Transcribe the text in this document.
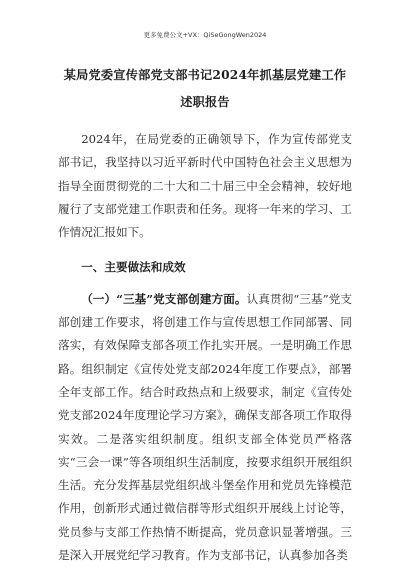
更多免费公文+VX：QiSeGongWen2024
某局党委宣传部党支部书记2024年抓基层党建工作述职报告

2024年，在局党委的正确领导下，作为宣传部党支部书记，我坚持以习近平新时代中国特色社会主义思想为指导全面贯彻党的二十大和二十届三中全会精神，较好地履行了支部党建工作职责和任务。现将一年来的学习、工作情况汇报如下。

一、主要做法和成效

（一）“三基”党支部创建方面。认真贯彻“三基”党支部创建工作要求，将创建工作与宣传思想工作同部署、同落实，有效保障支部各项工作扎实开展。一是明确工作思路。组织制定《宣传处党支部2024年度工作要点》，部署全年支部工作。结合时政热点和上级要求，制定《宣传处党支部2024年度理论学习方案》，确保支部各项工作取得实效。二是落实组织制度。组织支部全体党员严格落实“三会一课”等各项组织生活制度，按要求组织开展组织生活。充分发挥基层党组织战斗堡垒作用和党员先锋模范作用，创新形式通过微信群等形式组织开展线上讨论等，党员参与支部工作热情不断提高，党员意识显著增强。三是深入开展党纪学习教育。作为支部书记，认真参加各类
